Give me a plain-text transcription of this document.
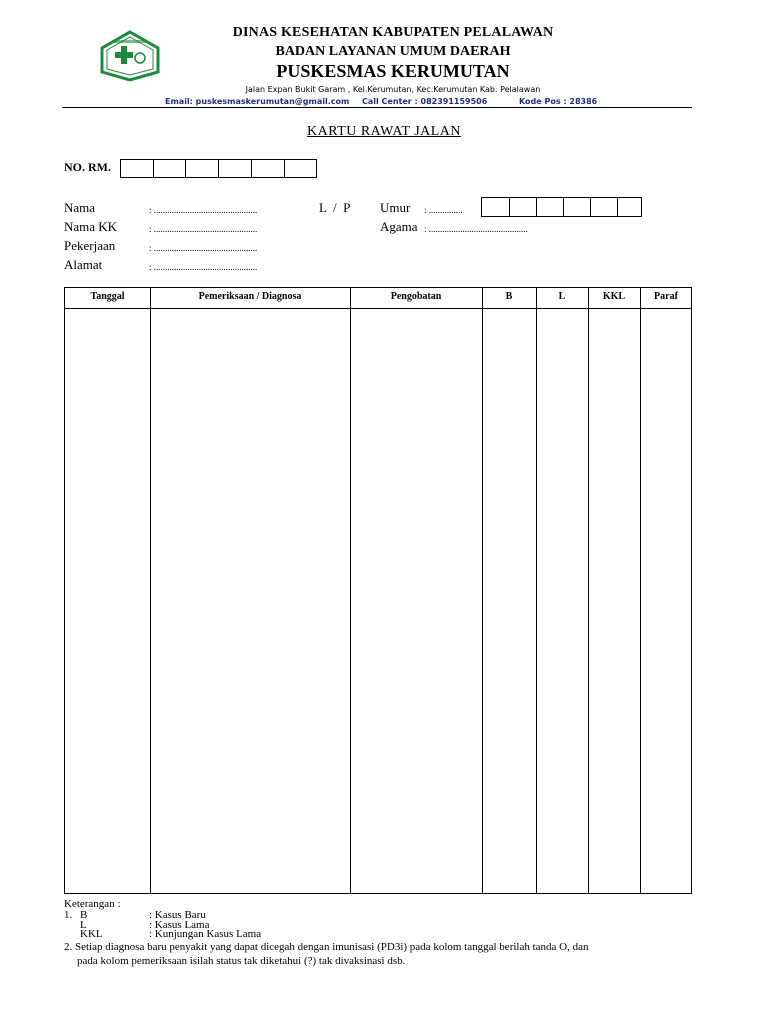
DINAS KESEHATAN KABUPATEN PELALAWAN
BADAN LAYANAN UMUM DAERAH
PUSKESMAS KERUMUTAN
Jalan Expan Bukit Garam , Kel.Kerumutan, Kec.Kerumutan Kab. Pelalawan
Email: puskesmaskerumutan@gmail.com Call Center : 082391159506	Kode Pos : 28386
KARTU RAWAT JALAN
NO. RM.
Nama	: ..............................................
Nama KK	: ..............................................
Pekerjaan	: ..............................................
Alamat	: ..............................................
L  /  P Umur : ...............
Agama : ............................................
Tanggal	Pemeriksaan / Diagnosa	Pengobatan	B	L	KKL	Paraf
Keterangan :
1. B	: Kasus Baru
L	: Kasus Lama
KKL	: Kunjungan Kasus Lama
2. Setiap diagnosa baru penyakit yang dapat dicegah dengan imunisasi (PD3i) pada kolom tanggal berilah tanda O, dan
pada kolom pemeriksaan isilah status tak diketahui (?) tak divaksinasi dsb.
